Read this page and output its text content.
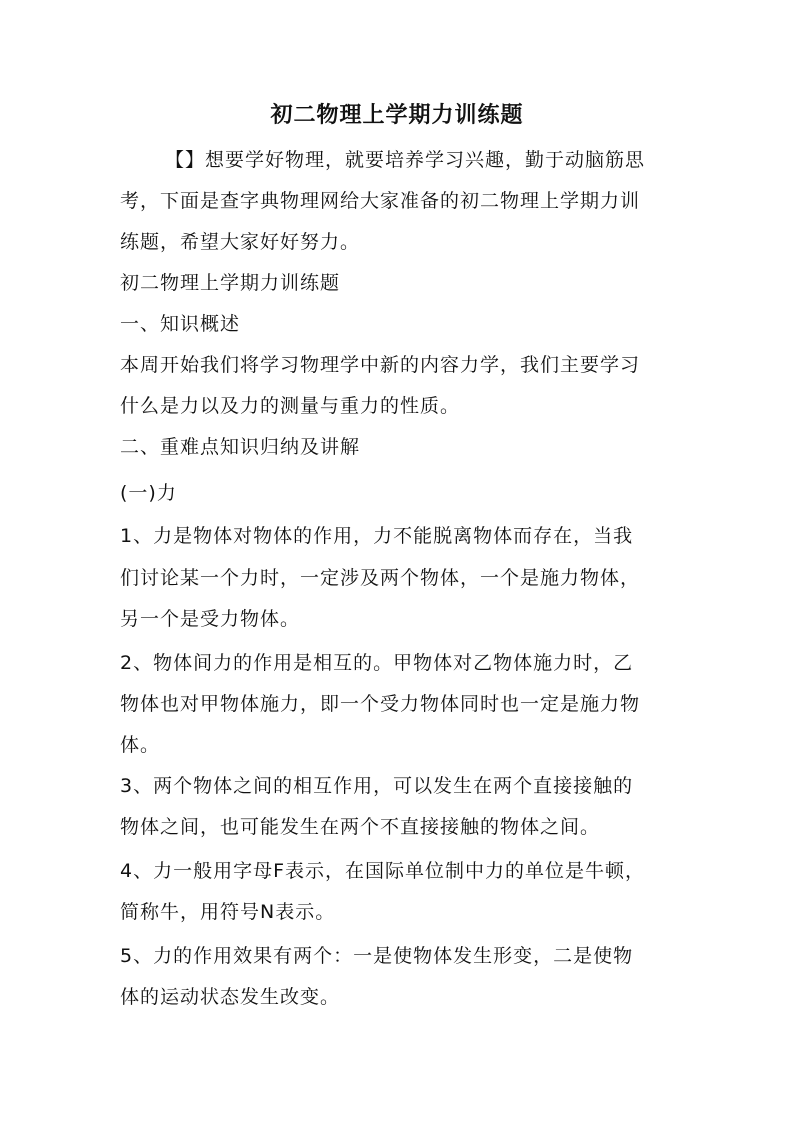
初二物理上学期力训练题
【】想要学好物理，就要培养学习兴趣，勤于动脑筋思
考，下面是查字典物理网给大家准备的初二物理上学期力训
练题，希望大家好好努力。
初二物理上学期力训练题
一、知识概述
本周开始我们将学习物理学中新的内容力学，我们主要学习
什么是力以及力的测量与重力的性质。
二、重难点知识归纳及讲解
(一)力
1、力是物体对物体的作用，力不能脱离物体而存在，当我
们讨论某一个力时，一定涉及两个物体，一个是施力物体，
另一个是受力物体。
2、物体间力的作用是相互的。甲物体对乙物体施力时，乙
物体也对甲物体施力，即一个受力物体同时也一定是施力物
体。
3、两个物体之间的相互作用，可以发生在两个直接接触的
物体之间，也可能发生在两个不直接接触的物体之间。
4、力一般用字母F表示，在国际单位制中力的单位是牛顿，
简称牛，用符号N表示。
5、力的作用效果有两个：一是使物体发生形变，二是使物
体的运动状态发生改变。
